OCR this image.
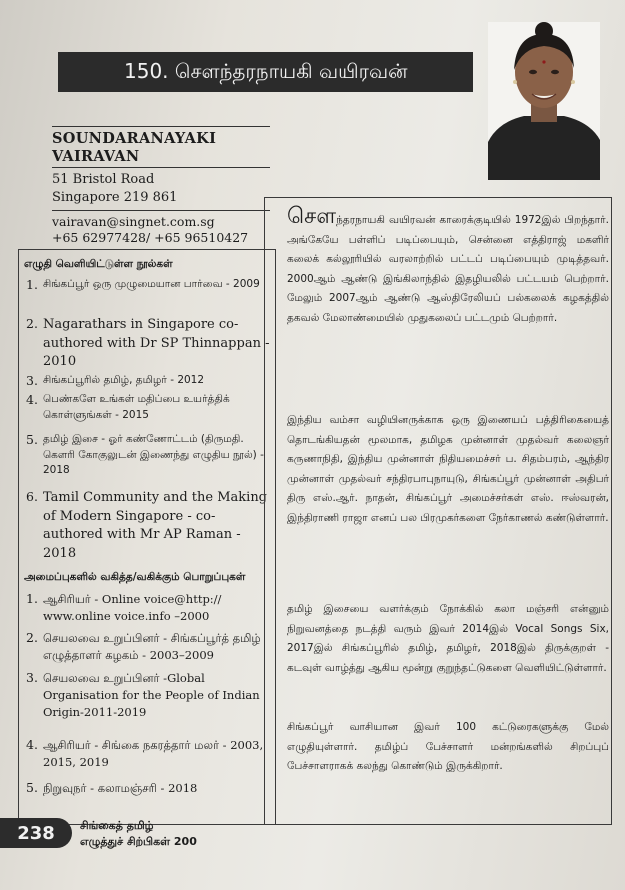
150. சௌந்தரநாயகி வயிரவன்
SOUNDARANAYAKI
VAIRAVAN
51 Bristol Road
Singapore 219 861
vairavan@singnet.com.sg
+65 62977428/ +65 96510427
எழுதி வெளியிட்டுள்ள நூல்கள்
1. சிங்கப்பூர் ஒரு முழுமையான பார்வை - 2009
2. Nagarathars in Singapore co-authored with Dr SP Thinnappan - 2010
3. சிங்கப்பூரில் தமிழ், தமிழர் - 2012
4. பெண்களே உங்கள் மதிப்பை உயர்த்திக் கொள்ளுங்கள் - 2015
5. தமிழ் இசை - ஓர் கண்ணோட்டம் (திருமதி. கௌரி கோகுலுடன் இணைந்து எழுதிய நூல்) - 2018
6. Tamil Community and the Making of Modern Singapore - co-authored with Mr AP Raman - 2018
அமைப்புகளில் வகித்த/வகிக்கும் பொறுப்புகள்
1. ஆசிரியர் - Online voice@http:// www.online voice.info –2000
2. செயலவை உறுப்பினர் - சிங்கப்பூர்த் தமிழ் எழுத்தாளர் கழகம் - 2003–2009
3. செயலவை உறுப்பினர் -Global Organisation for the People of Indian Origin-2011-2019
4. ஆசிரியர் - சிங்கை நகரத்தார் மலர் - 2003, 2015, 2019
5. நிறுவுநர் - கலாமஞ்சரி - 2018
சௌந்தரநாயகி வயிரவன் காரைக்குடியில் 1972இல் பிறந்தார். அங்கேயே பள்ளிப் படிப்பையும், சென்னை எத்திராஜ் மகளிர் கலைக் கல்லூரியில் வரலாற்றில் பட்டப் படிப்பையும் முடித்தவர். 2000ஆம் ஆண்டு இங்கிலாந்தில் இதழியலில் பட்டயம் பெற்றார். மேலும் 2007ஆம் ஆண்டு ஆஸ்திரேலியப் பல்கலைக் கழகத்தில் தகவல் மேலாண்மையில் முதுகலைப் பட்டமும் பெற்றார்.
இந்திய வம்சா வழியினருக்காக ஒரு இணையப் பத்திரிகையைத் தொடங்கியதன் மூலமாக, தமிழக முன்னாள் முதல்வர் கலைஞர் கருணாநிதி, இந்திய முன்னாள் நிதியமைச்சர் ப. சிதம்பரம், ஆந்திர முன்னாள் முதல்வர் சந்திரபாபுநாயுடு, சிங்கப்பூர் முன்னாள் அதிபர் திரு எஸ்.ஆர். நாதன், சிங்கப்பூர் அமைச்சர்கள் எஸ். ஈஸ்வரன், இந்திராணி ராஜா எனப் பல பிரமுகர்களை நேர்காணல் கண்டுள்ளார்.
தமிழ் இசையை வளர்க்கும் நோக்கில் கலா மஞ்சரி என்னும் நிறுவனத்தை நடத்தி வரும் இவர் 2014இல் Vocal Songs Six, 2017இல் சிங்கப்பூரில் தமிழ், தமிழர், 2018இல் திருக்குறள் - கடவுள் வாழ்த்து ஆகிய மூன்று குறுந்தட்டுகளை வெளியிட்டுள்ளார்.
சிங்கப்பூர் வாசியான இவர் 100 கட்டுரைகளுக்கு மேல் எழுதியுள்ளார். தமிழ்ப் பேச்சாளர் மன்றங்களில் சிறப்புப் பேச்சாளராகக் கலந்து கொண்டும் இருக்கிறார்.
238	சிங்கைத் தமிழ்
எழுத்துச் சிற்பிகள் 200
